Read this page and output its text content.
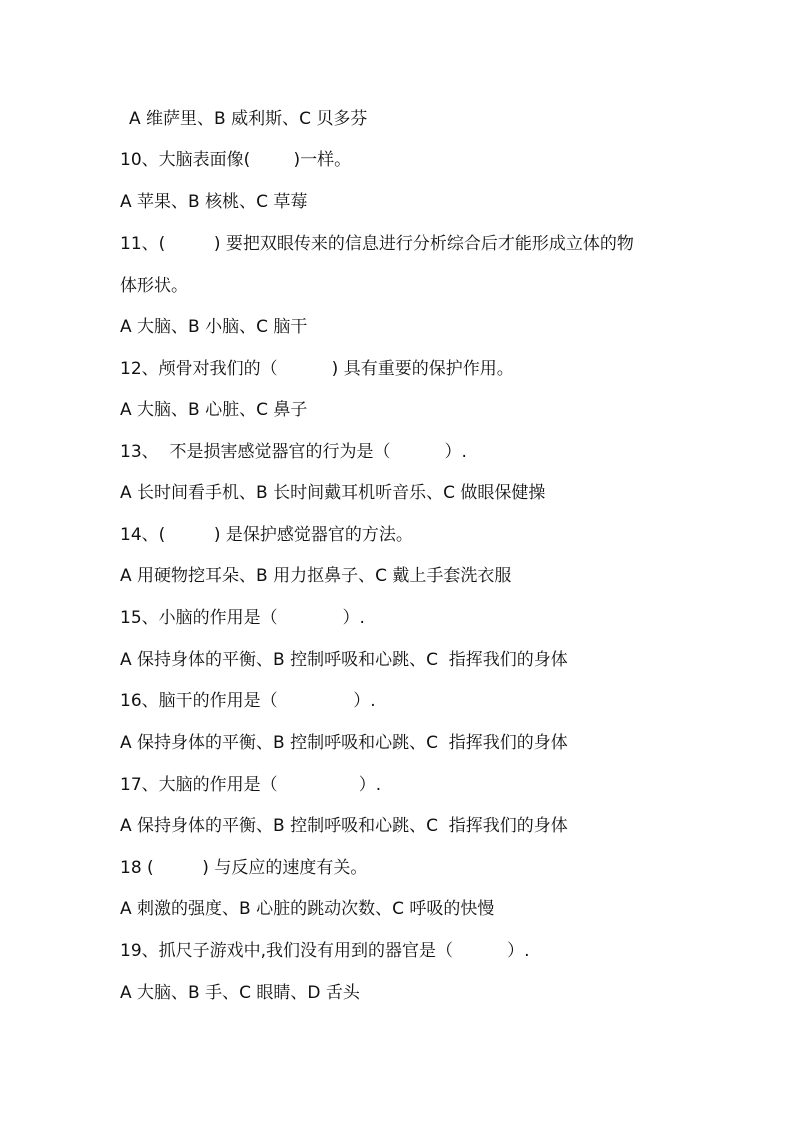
A 维萨里、B 威利斯、C 贝多芬
10、大脑表面像(        )一样。
A 苹果、B 核桃、C 草莓
11、(         ) 要把双眼传来的信息进行分析综合后才能形成立体的物
体形状。
A 大脑、B 小脑、C 脑干
12、颅骨对我们的（          ) 具有重要的保护作用。
A 大脑、B 心脏、C 鼻子
13、  不是损害感觉器官的行为是（          ）.
A 长时间看手机、B 长时间戴耳机听音乐、C 做眼保健操
14、(         ) 是保护感觉器官的方法。
A 用硬物挖耳朵、B 用力抠鼻子、C 戴上手套洗衣服
15、小脑的作用是（            ）.
A 保持身体的平衡、B 控制呼吸和心跳、C  指挥我们的身体
16、脑干的作用是（              ）.
A 保持身体的平衡、B 控制呼吸和心跳、C  指挥我们的身体
17、大脑的作用是（               ）.
A 保持身体的平衡、B 控制呼吸和心跳、C  指挥我们的身体
18 (         ) 与反应的速度有关。
A 刺激的强度、B 心脏的跳动次数、C 呼吸的快慢
19、抓尺子游戏中,我们没有用到的器官是（          ）.
A 大脑、B 手、C 眼睛、D 舌头
